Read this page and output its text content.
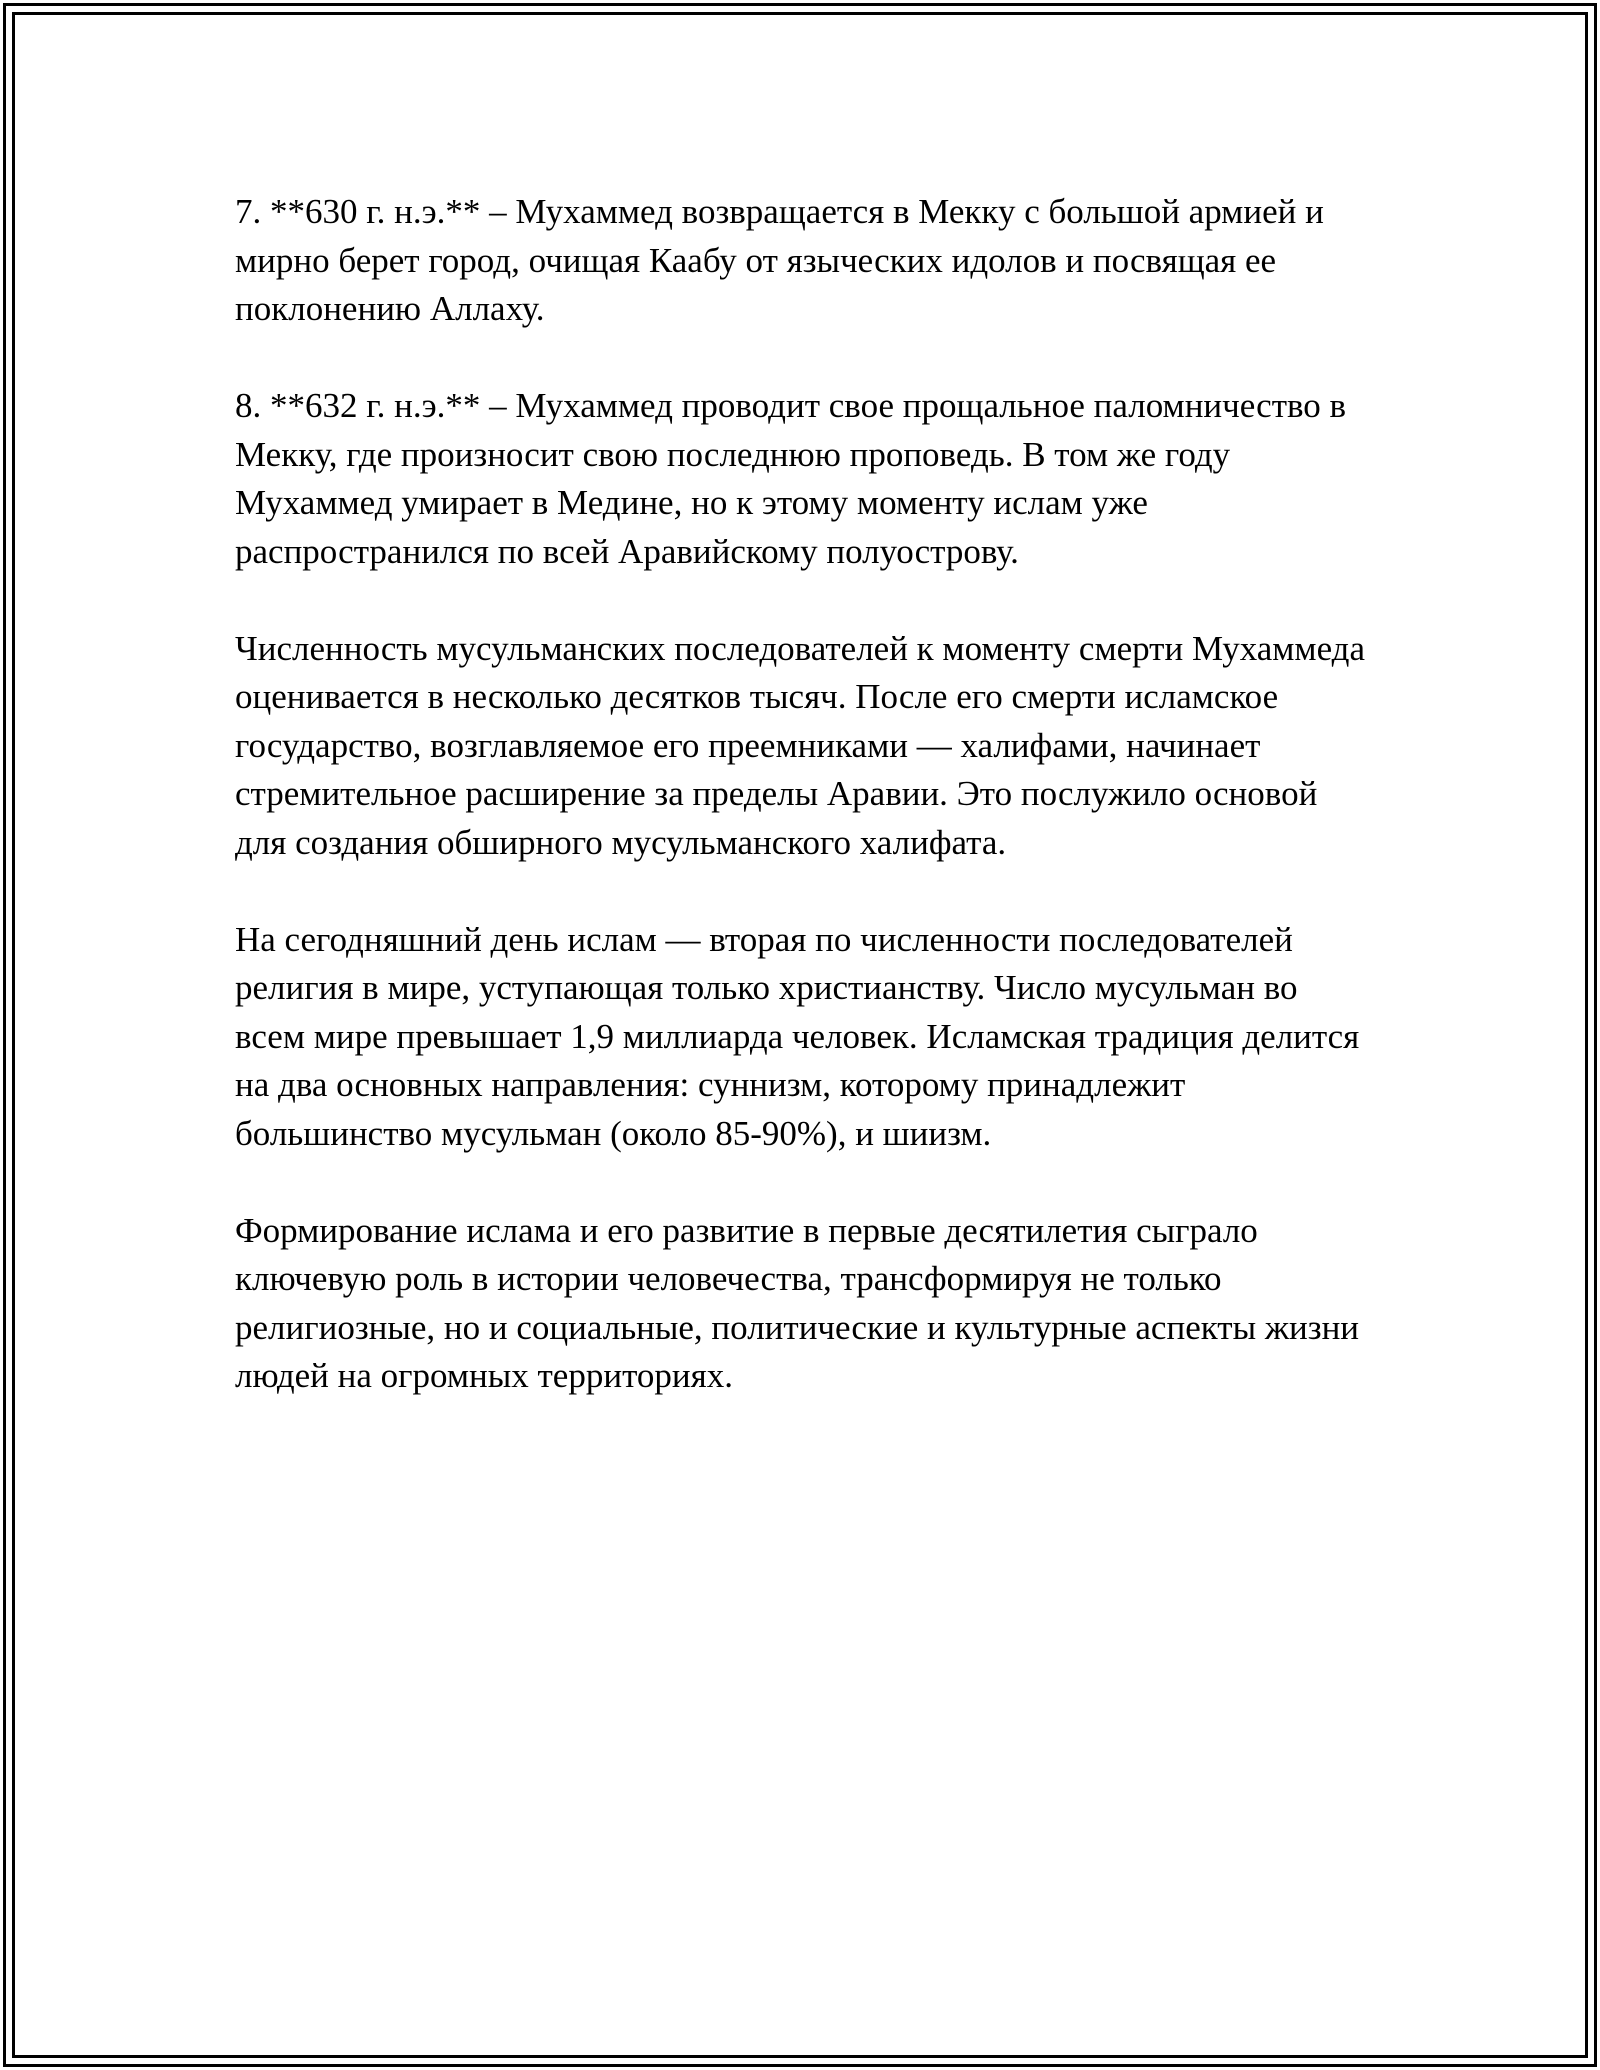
7. **630 г. н.э.** – Мухаммед возвращается в Мекку с большой армией и мирно берет город, очищая Каабу от языческих идолов и посвящая ее поклонению Аллаху.

8. **632 г. н.э.** – Мухаммед проводит свое прощальное паломничество в Мекку, где произносит свою последнюю проповедь. В том же году Мухаммед умирает в Медине, но к этому моменту ислам уже распространился по всей Аравийскому полуострову.

Численность мусульманских последователей к моменту смерти Мухаммеда оценивается в несколько десятков тысяч. После его смерти исламское государство, возглавляемое его преемниками — халифами, начинает стремительное расширение за пределы Аравии. Это послужило основой для создания обширного мусульманского халифата.

На сегодняшний день ислам — вторая по численности последователей религия в мире, уступающая только христианству. Число мусульман во всем мире превышает 1,9 миллиарда человек. Исламская традиция делится на два основных направления: суннизм, которому принадлежит большинство мусульман (около 85-90%), и шиизм.

Формирование ислама и его развитие в первые десятилетия сыграло ключевую роль в истории человечества, трансформируя не только религиозные, но и социальные, политические и культурные аспекты жизни людей на огромных территориях.
